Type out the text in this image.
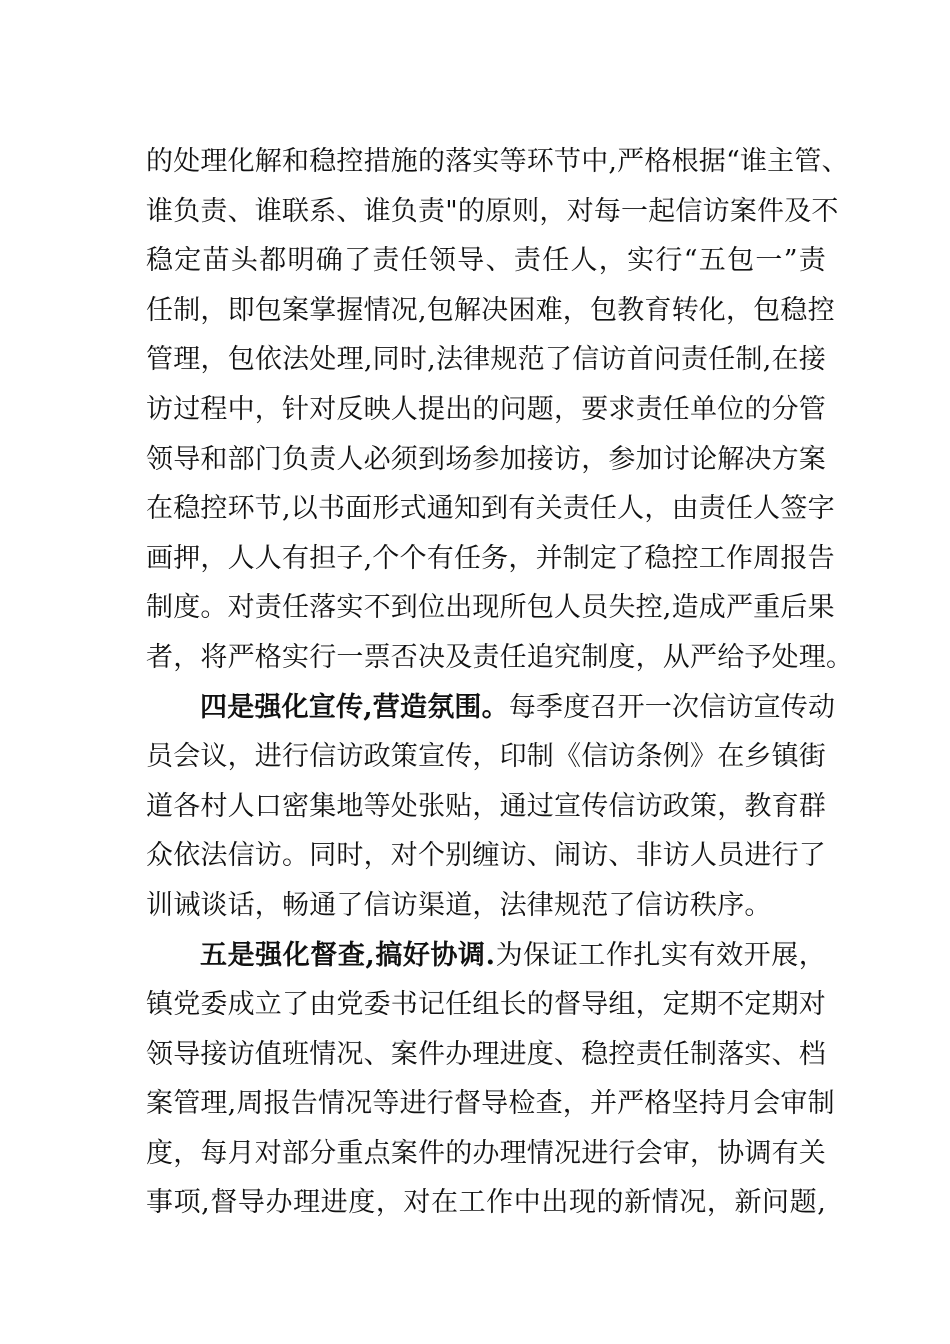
的处理化解和稳控措施的落实等环节中,严格根据“谁主管、
谁负责、谁联系、谁负责"的原则，对每一起信访案件及不
稳定苗头都明确了责任领导、责任人，实行“五包一”责
任制，即包案掌握情况,包解决困难，包教育转化，包稳控
管理，包依法处理,同时,法律规范了信访首问责任制,在接
访过程中，针对反映人提出的问题，要求责任单位的分管
领导和部门负责人必须到场参加接访，参加讨论解决方案
在稳控环节,以书面形式通知到有关责任人，由责任人签字
画押，人人有担子,个个有任务，并制定了稳控工作周报告
制度。对责任落实不到位出现所包人员失控,造成严重后果
者，将严格实行一票否决及责任追究制度，从严给予处理。
四是强化宣传,营造氛围。每季度召开一次信访宣传动
员会议，进行信访政策宣传，印制《信访条例》在乡镇街
道各村人口密集地等处张贴，通过宣传信访政策，教育群
众依法信访。同时，对个别缠访、闹访、非访人员进行了
训诫谈话，畅通了信访渠道，法律规范了信访秩序。
五是强化督查,搞好协调.为保证工作扎实有效开展，
镇党委成立了由党委书记任组长的督导组，定期不定期对
领导接访值班情况、案件办理进度、稳控责任制落实、档
案管理,周报告情况等进行督导检查，并严格坚持月会审制
度，每月对部分重点案件的办理情况进行会审，协调有关
事项,督导办理进度，对在工作中出现的新情况，新问题,
